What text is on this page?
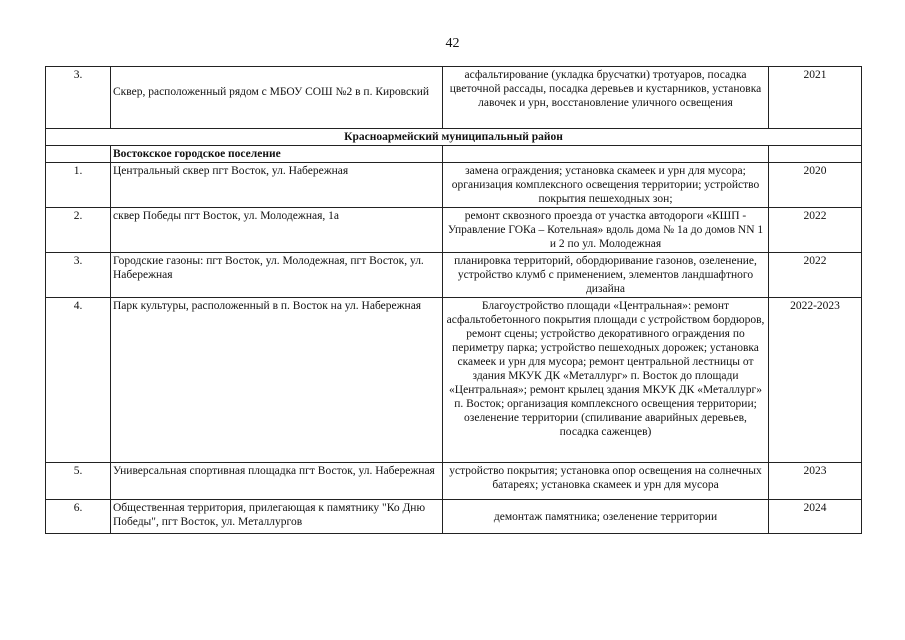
42
3.	Сквер, расположенный рядом с МБОУ СОШ №2 в п. Кировский	асфальтирование (укладка брусчатки) тротуаров, посадка цветочной рассады, посадка деревьев и кустарников, установка лавочек и урн, восстановление уличного освещения	2021
Красноармейский муниципальный район			
	Востокское городское поселение		
1.	Центральный сквер пгт Восток, ул. Набережная	замена ограждения; установка скамеек и урн для мусора; организация комплексного освещения территории; устройство покрытия пешеходных зон;	2020
2.	сквер Победы пгт Восток, ул. Молодежная, 1а	ремонт сквозного проезда от участка автодороги «КШП - Управление ГОКа – Котельная» вдоль дома № 1а до домов NN 1 и 2 по ул. Молодежная	2022
3.	Городские газоны: пгт Восток, ул. Молодежная, пгт Восток, ул. Набережная	планировка территорий, обордюривание газонов, озеленение, устройство клумб с применением, элементов ландшафтного дизайна	2022
4.	Парк культуры, расположенный в п. Восток на ул. Набережная	Благоустройство площади «Центральная»: ремонт асфальтобетонного покрытия площади с устройством бордюров, ремонт сцены; устройство декоративного ограждения по периметру парка; устройство пешеходных дорожек; установка скамеек и урн для мусора; ремонт центральной лестницы от здания МКУК ДК «Металлург» п. Восток до площади «Центральная»; ремонт крылец здания МКУК ДК «Металлург» п. Восток; организация комплексного освещения территории; озеленение территории (спиливание аварийных деревьев, посадка саженцев)	2022-2023
5.	Универсальная спортивная площадка пгт Восток, ул. Набережная	устройство покрытия; установка опор освещения на солнечных батареях; установка скамеек и урн для мусора	2023
6.	Общественная территория, прилегающая к памятнику "Ко Дню Победы", пгт Восток, ул. Металлургов	демонтаж памятника; озеленение территории	2024
